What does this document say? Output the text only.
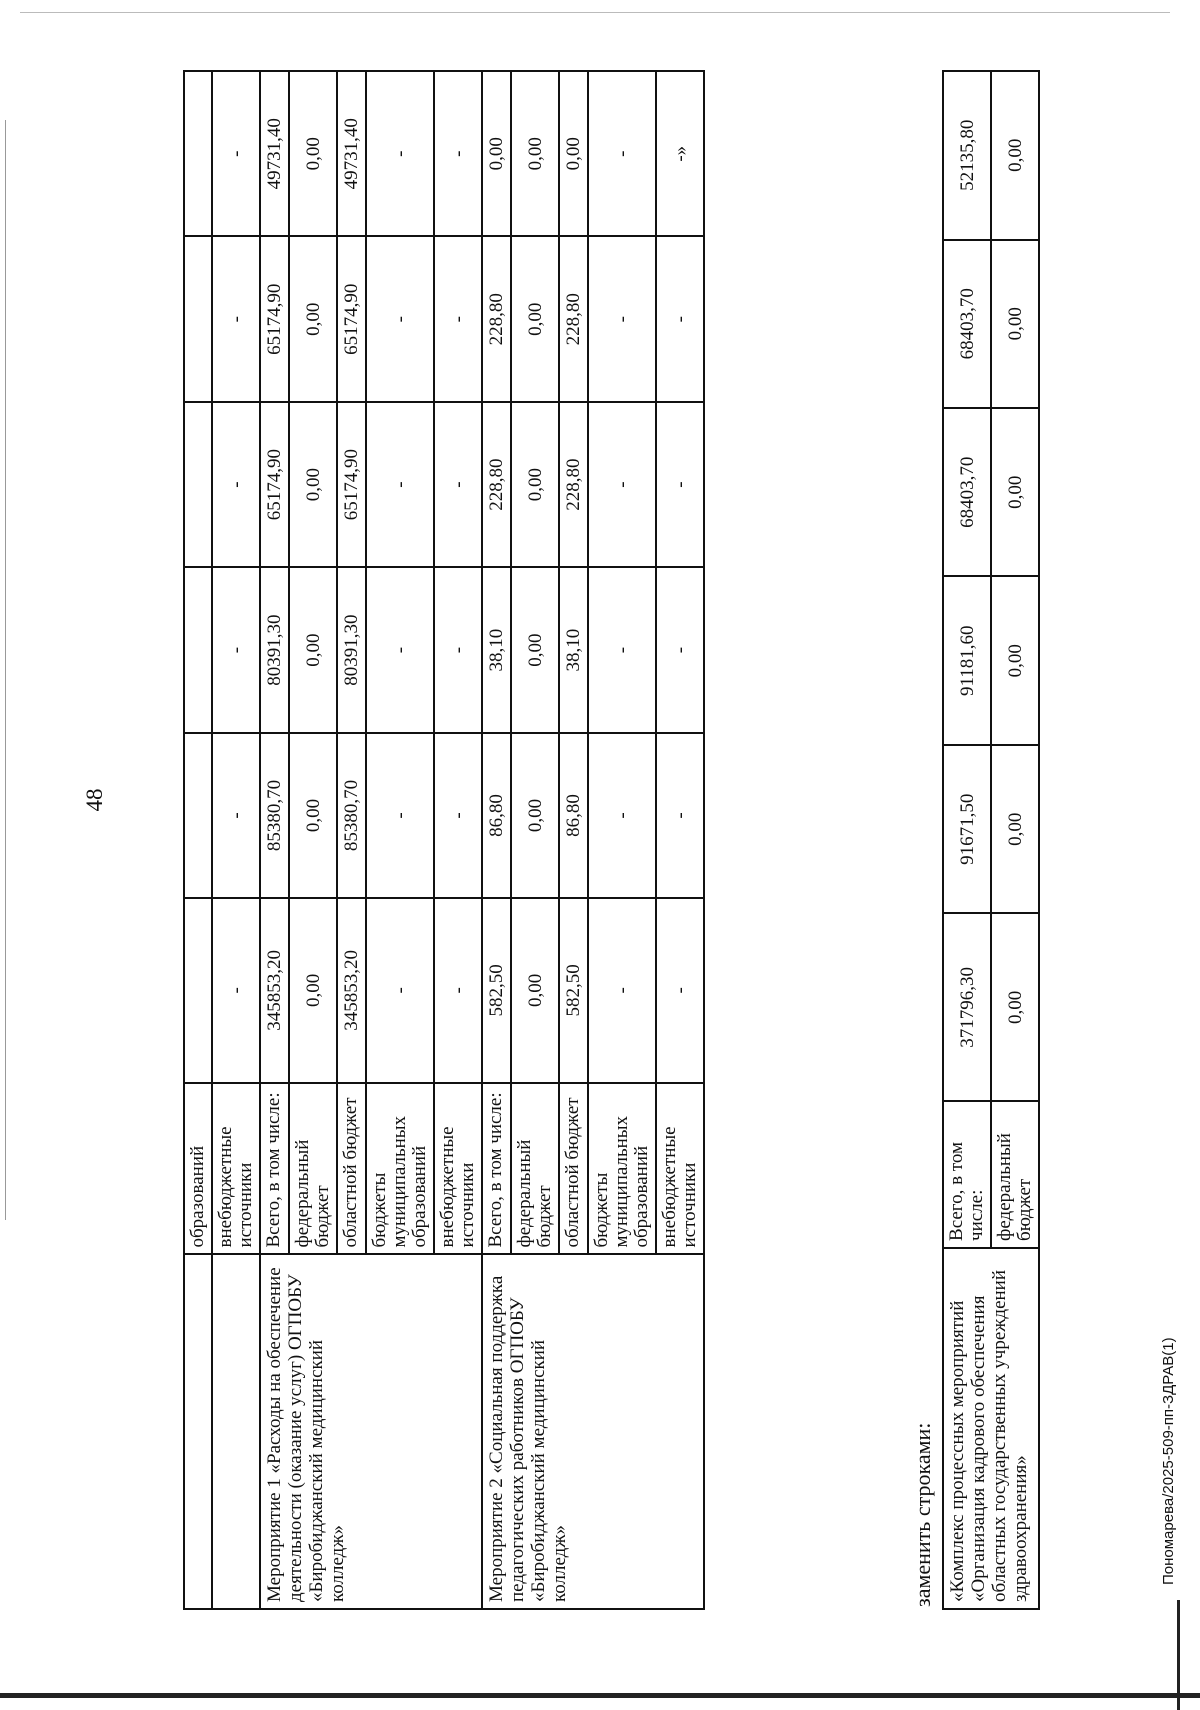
48
	образований						
	внебюджетные источники	-	-	-	-	-	-
Мероприятие 1 «Расходы на обеспечение деятельности (оказание услуг) ОГПОБУ «Биробиджанский медицинский колледж»	Всего, в том числе:	345853,20	85380,70	80391,30	65174,90	65174,90	49731,40
	федеральный бюджет	0,00	0,00	0,00	0,00	0,00	0,00
	областной бюджет	345853,20	85380,70	80391,30	65174,90	65174,90	49731,40
	бюджеты муниципальных образований	-	-	-	-	-	-
	внебюджетные источники	-	-	-	-	-	-
Мероприятие 2 «Социальная поддержка педагогических работников ОГПОБУ «Биробиджанский медицинский колледж»	Всего, в том числе:	582,50	86,80	38,10	228,80	228,80	0,00
	федеральный бюджет	0,00	0,00	0,00	0,00	0,00	0,00
	областной бюджет	582,50	86,80	38,10	228,80	228,80	0,00
	бюджеты муниципальных образований	-	-	-	-	-	-
	внебюджетные источники	-	-	-	-	-	-»
заменить строками: «Комплекс процессных мероприятий «Организация кадрового обеспечения областных государственных учреждений здравоохранения»	Всего, в том числе:	371796,30	91671,50	91181,60	68403,70	68403,70	52135,80
	федеральный бюджет	0,00	0,00	0,00	0,00	0,00	0,00
Пономарева/2025-509-пп-ЗДРАВ(1)
